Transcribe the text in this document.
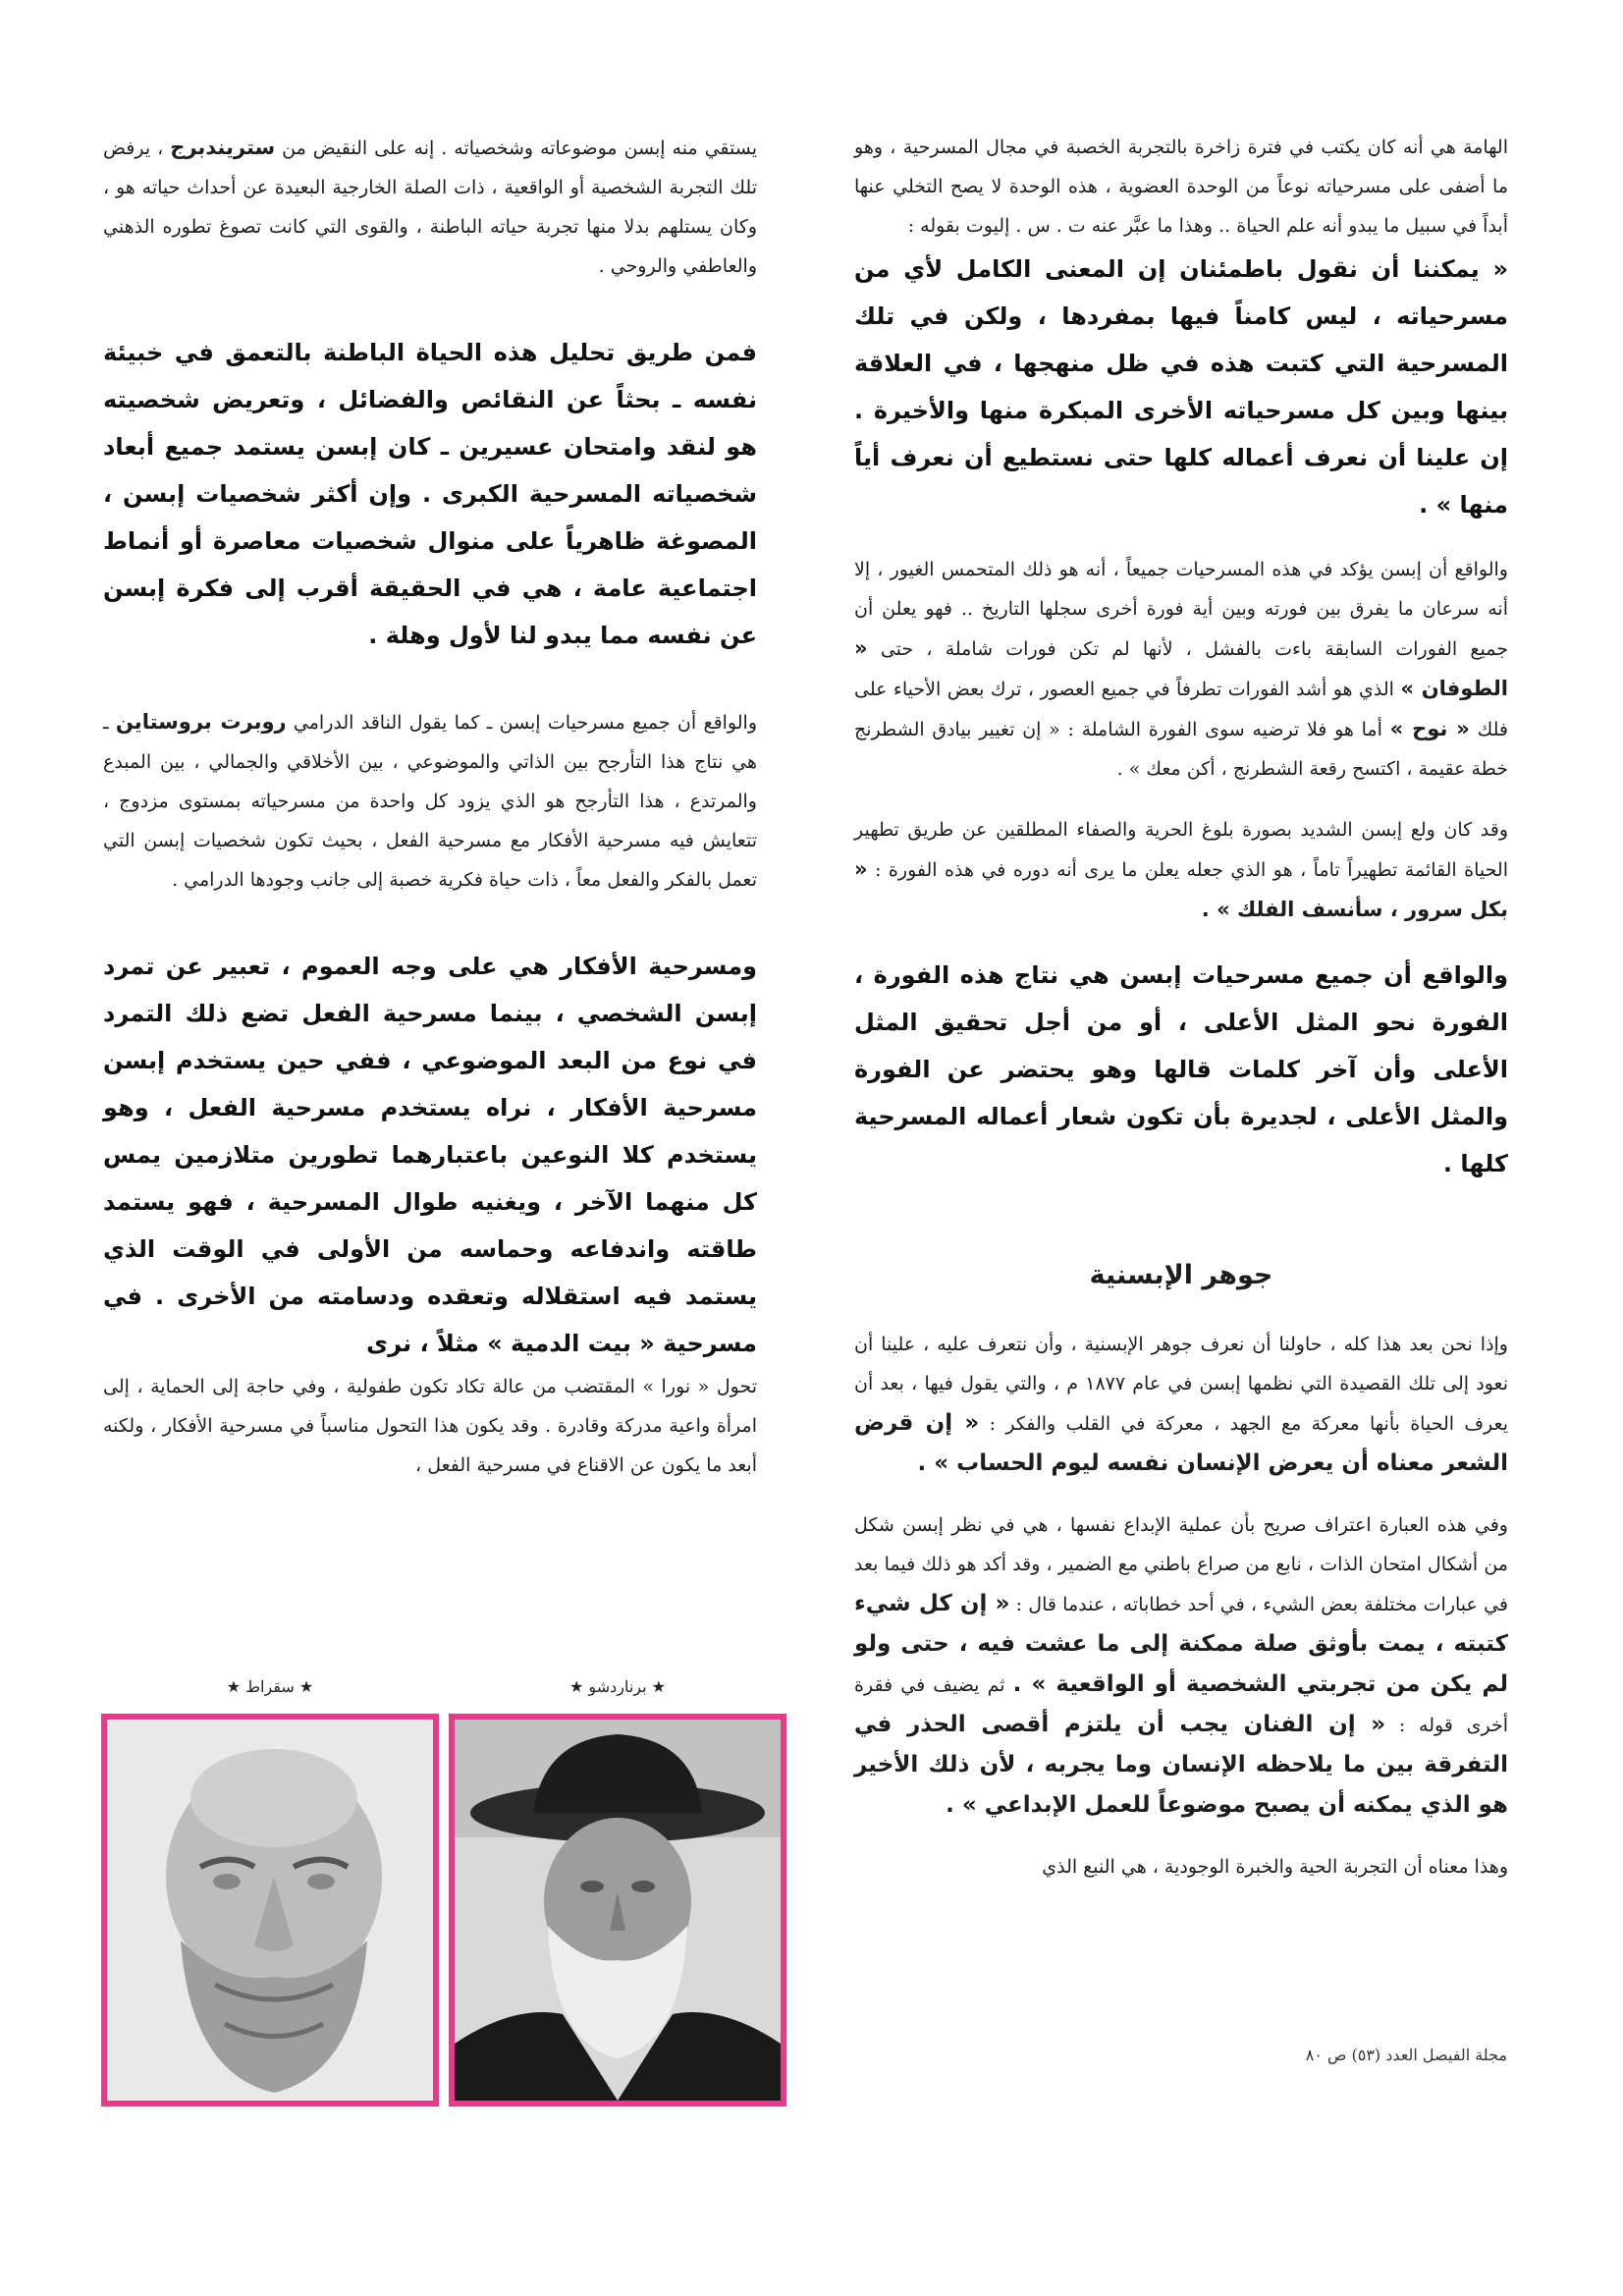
الهامة هي أنه كان يكتب في فترة زاخرة بالتجربة الخصبة في مجال المسرحية ، وهو ما أضفى على مسرحياته نوعاً من الوحدة العضوية ، هذه الوحدة لا يصح التخلي عنها أبداً في سبيل ما يبدو أنه علم الحياة .. وهذا ما عبَّر عنه ت . س . إليوت بقوله :

« يمكننا أن نقول باطمئنان إن المعنى الكامل لأي من مسرحياته ، ليس كامناً فيها بمفردها ، ولكن في تلك المسرحية التي كتبت هذه في ظل منهجها ، في العلاقة بينها وبين كل مسرحياته الأخرى المبكرة منها والأخيرة . إن علينا أن نعرف أعماله كلها حتى نستطيع أن نعرف أياً منها » .

والواقع أن إبسن يؤكد في هذه المسرحيات جميعاً ، أنه هو ذلك المتحمس الغيور ، إلا أنه سرعان ما يفرق بين فورته وبين أية فورة أخرى سجلها التاريخ .. فهو يعلن أن جميع الفورات السابقة باءت بالفشل ، لأنها لم تكن فورات شاملة ، حتى « الطوفان » الذي هو أشد الفورات تطرفاً في جميع العصور ، ترك بعض الأحياء على فلك « نوح » أما هو فلا ترضيه سوى الفورة الشاملة : « إن تغيير بيادق الشطرنج خطة عقيمة ، اكتسح رقعة الشطرنج ، أكن معك » .

وقد كان ولع إبسن الشديد بصورة بلوغ الحرية والصفاء المطلقين عن طريق تطهير الحياة القائمة تطهيراً تاماً ، هو الذي جعله يعلن ما يرى أنه دوره في هذه الفورة : « بكل سرور ، سأنسف الفلك » .

والواقع أن جميع مسرحيات إبسن هي نتاج هذه الفورة ، الفورة نحو المثل الأعلى ، أو من أجل تحقيق المثل الأعلى وأن آخر كلمات قالها وهو يحتضر عن الفورة والمثل الأعلى ، لجديرة بأن تكون شعار أعماله المسرحية كلها .

جوهر الإبسنية

وإذا نحن بعد هذا كله ، حاولنا أن نعرف جوهر الإبسنية ، وأن نتعرف عليه ، علينا أن نعود إلى تلك القصيدة التي نظمها إبسن في عام ١٨٧٧ م ، والتي يقول فيها ، بعد أن يعرف الحياة بأنها معركة مع الجهد ، معركة في القلب والفكر : « إن قرض الشعر معناه أن يعرض الإنسان نفسه ليوم الحساب » .

وفي هذه العبارة اعتراف صريح بأن عملية الإبداع نفسها ، هي في نظر إبسن شكل من أشكال امتحان الذات ، نابع من صراع باطني مع الضمير ، وقد أكد هو ذلك فيما بعد في عبارات مختلفة بعض الشيء ، في أحد خطاباته ، عندما قال : « إن كل شيء كتبته ، يمت بأوثق صلة ممكنة إلى ما عشت فيه ، حتى ولو لم يكن من تجربتي الشخصية أو الواقعية » . ثم يضيف في فقرة أخرى قوله : « إن الفنان يجب أن يلتزم أقصى الحذر في التفرقة بين ما يلاحظه الإنسان وما يجربه ، لأن ذلك الأخير هو الذي يمكنه أن يصبح موضوعاً للعمل الإبداعي » .

وهذا معناه أن التجربة الحية والخبرة الوجودية ، هي النبع الذي

يستقي منه إبسن موضوعاته وشخصياته . إنه على النقيض من ستريندبرج ، يرفض تلك التجربة الشخصية أو الواقعية ، ذات الصلة الخارجية البعيدة عن أحداث حياته هو ، وكان يستلهم بدلا منها تجربة حياته الباطنة ، والقوى التي كانت تصوغ تطوره الذهني والعاطفي والروحي .

فمن طريق تحليل هذه الحياة الباطنة بالتعمق في خبيئة نفسه ـ بحثاً عن النقائص والفضائل ، وتعريض شخصيته هو لنقد وامتحان عسيرين ـ كان إبسن يستمد جميع أبعاد شخصياته المسرحية الكبرى . وإن أكثر شخصيات إبسن ، المصوغة ظاهرياً على منوال شخصيات معاصرة أو أنماط اجتماعية عامة ، هي في الحقيقة أقرب إلى فكرة إبسن عن نفسه مما يبدو لنا لأول وهلة .

والواقع أن جميع مسرحيات إبسن ـ كما يقول الناقد الدرامي روبرت بروستاين ـ هي نتاج هذا التأرجح بين الذاتي والموضوعي ، بين الأخلاقي والجمالي ، بين المبدع والمرتدع ، هذا التأرجح هو الذي يزود كل واحدة من مسرحياته بمستوى مزدوج ، تتعايش فيه مسرحية الأفكار مع مسرحية الفعل ، بحيث تكون شخصيات إبسن التي تعمل بالفكر والفعل معاً ، ذات حياة فكرية خصبة إلى جانب وجودها الدرامي .

ومسرحية الأفكار هي على وجه العموم ، تعبير عن تمرد إبسن الشخصي ، بينما مسرحية الفعل تضع ذلك التمرد في نوع من البعد الموضوعي ، ففي حين يستخدم إبسن مسرحية الأفكار ، نراه يستخدم مسرحية الفعل ، وهو يستخدم كلا النوعين باعتبارهما تطورين متلازمين يمس كل منهما الآخر ، ويغنيه طوال المسرحية ، فهو يستمد طاقته واندفاعه وحماسه من الأولى في الوقت الذي يستمد فيه استقلاله وتعقده ودسامته من الأخرى . في مسرحية « بيت الدمية » مثلاً ، نرى

تحول « نورا » المقتضب من عالة تكاد تكون طفولية ، وفي حاجة إلى الحماية ، إلى امرأة واعية مدركة وقادرة . وقد يكون هذا التحول مناسباً في مسرحية الأفكار ، ولكنه أبعد ما يكون عن الاقناع في مسرحية الفعل ،

★ برناردشو ★
★ سقراط ★
مجلة الفيصل العدد (٥٣) ص ٨٠
